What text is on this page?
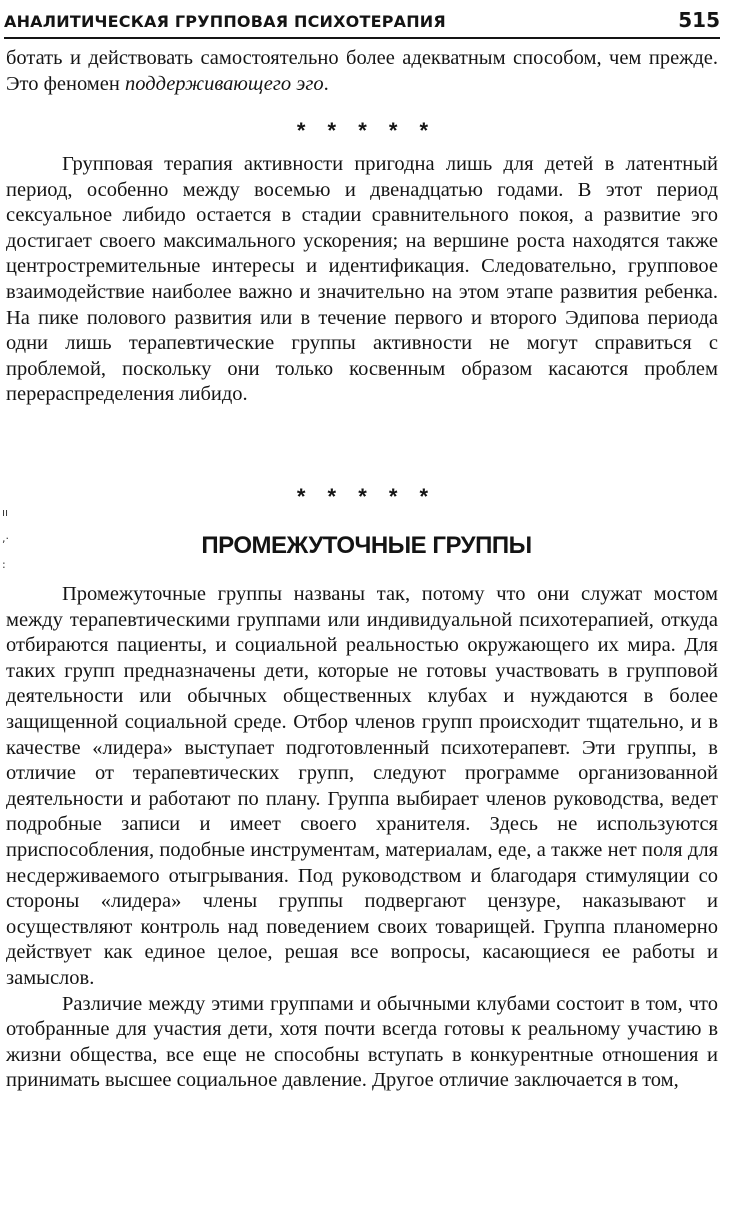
АНАЛИТИЧЕСКАЯ ГРУППОВАЯ ПСИХОТЕРАПИЯ	515

ботать и действовать самостоятельно более адекватным способом, чем прежде. Это феномен поддерживающего эго.

* * * * *

Групповая терапия активности пригодна лишь для детей в латентный период, особенно между восемью и двенадцатью годами. В этот период сексуальное либидо остается в стадии сравнительного покоя, а развитие эго достигает своего максимального ускорения; на вершине роста находятся также центростремительные интересы и идентификация. Следовательно, групповое взаимодействие наиболее важно и значительно на этом этапе развития ребенка. На пике полового развития или в течение первого и второго Эдипова периода одни лишь терапевтические группы активности не могут справиться с проблемой, поскольку они только косвенным образом касаются проблем перераспределения либидо.

* * * * *
ıı
,·
:
ПРОМЕЖУТОЧНЫЕ ГРУППЫ

Промежуточные группы названы так, потому что они служат мостом между терапевтическими группами или индивидуальной психотерапией, откуда отбираются пациенты, и социальной реальностью окружающего их мира. Для таких групп предназначены дети, которые не готовы участвовать в групповой деятельности или обычных общественных клубах и нуждаются в более защищенной социальной среде. Отбор членов групп происходит тщательно, и в качестве «лидера» выступает подготовленный психотерапевт. Эти группы, в отличие от терапевтических групп, следуют программе организованной деятельности и работают по плану. Группа выбирает членов руководства, ведет подробные записи и имеет своего хранителя. Здесь не используются приспособления, подобные инструментам, материалам, еде, а также нет поля для несдерживаемого отыгрывания. Под руководством и благодаря стимуляции со стороны «лидера» члены группы подвергают цензуре, наказывают и осуществляют контроль над поведением своих товарищей. Группа планомерно действует как единое целое, решая все вопросы, касающиеся ее работы и замыслов.

Различие между этими группами и обычными клубами состоит в том, что отобранные для участия дети, хотя почти всегда готовы к реальному участию в жизни общества, все еще не способны вступать в конкурентные отношения и принимать высшее социальное давление. Другое отличие заключается в том,
